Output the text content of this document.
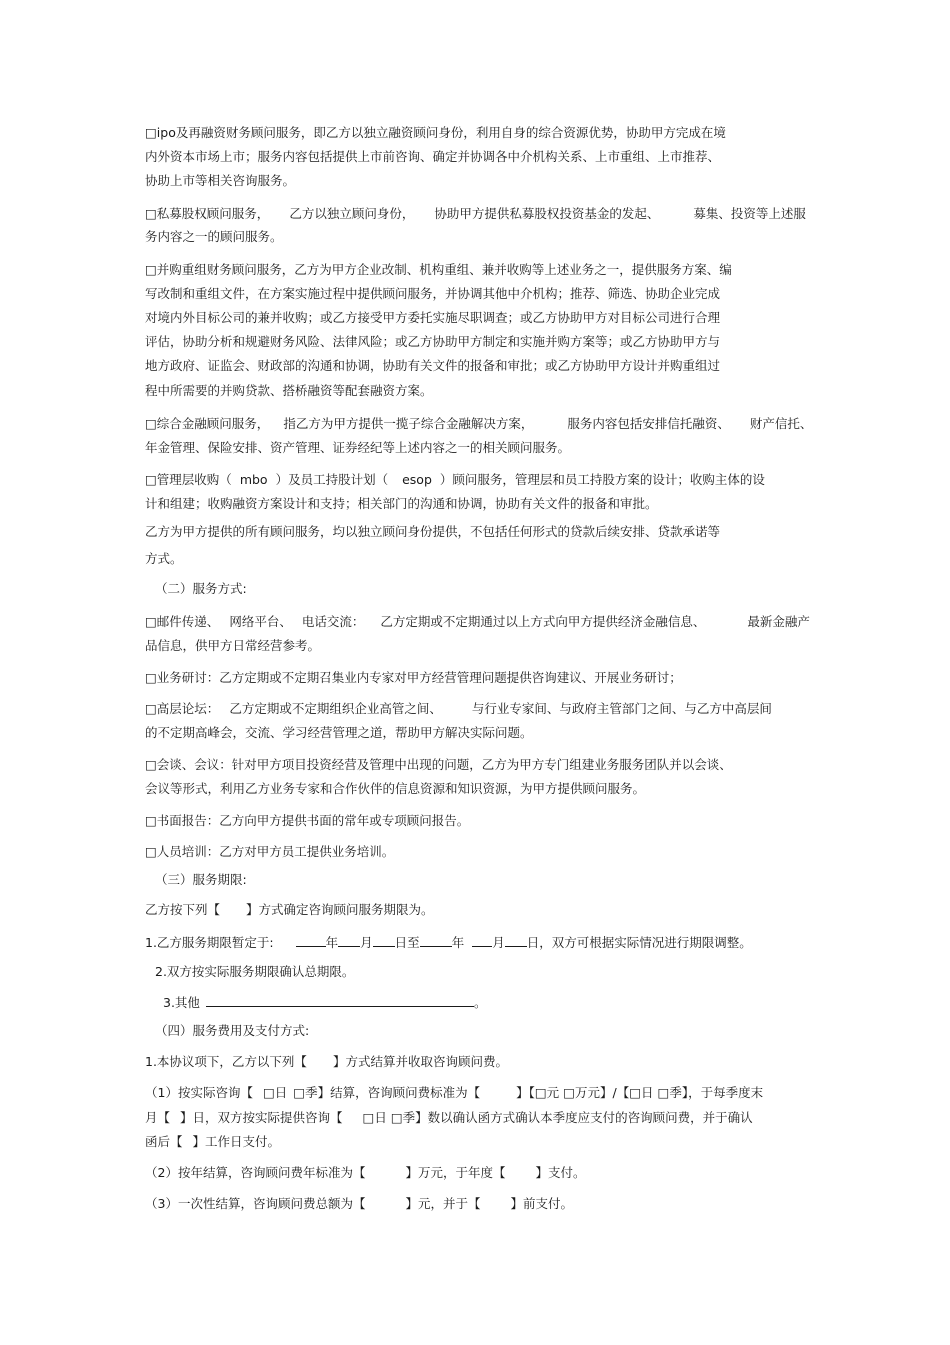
□ipo及再融资财务顾问服务，即乙方以独立融资顾问身份，利用自身的综合资源优势，协助甲方完成在境
内外资本市场上市；服务内容包括提供上市前咨询、确定并协调各中介机构关系、上市重组、上市推荐、
协助上市等相关咨询服务。
□私募股权顾问服务， 乙方以独立顾问身份， 协助甲方提供私募股权投资基金的发起、	募集、投资等上述服
务内容之一的顾问服务。
□并购重组财务顾问服务，乙方为甲方企业改制、机构重组、兼并收购等上述业务之一，提供服务方案、编
写改制和重组文件，在方案实施过程中提供顾问服务，并协调其他中介机构；推荐、筛选、协助企业完成
对境内外目标公司的兼并收购；或乙方接受甲方委托实施尽职调查；或乙方协助甲方对目标公司进行合理
评估，协助分析和规避财务风险、法律风险；或乙方协助甲方制定和实施并购方案等；或乙方协助甲方与
地方政府、证监会、财政部的沟通和协调，协助有关文件的报备和审批；或乙方协助甲方设计并购重组过
程中所需要的并购贷款、搭桥融资等配套融资方案。
□综合金融顾问服务， 指乙方为甲方提供一揽子综合金融解决方案，	服务内容包括安排信托融资、 财产信托、
年金管理、保险安排、资产管理、证券经纪等上述内容之一的相关顾问服务。
□管理层收购（ mbo ）及员工持股计划（ esop ）顾问服务，管理层和员工持股方案的设计；收购主体的设
计和组建；收购融资方案设计和支持；相关部门的沟通和协调，协助有关文件的报备和审批。
乙方为甲方提供的所有顾问服务，均以独立顾问身份提供，不包括任何形式的贷款后续安排、贷款承诺等
方式。
（二）服务方式:
□邮件传递、 网络平台、 电话交流： 乙方定期或不定期通过以上方式向甲方提供经济金融信息、	最新金融产
品信息，供甲方日常经营参考。
□业务研讨：乙方定期或不定期召集业内专家对甲方经营管理问题提供咨询建议、开展业务研讨；
□高层论坛： 乙方定期或不定期组织企业高管之间、 与行业专家间、与政府主管部门之间、与乙方中高层间
的不定期高峰会，交流、学习经营管理之道，帮助甲方解决实际问题。
□会谈、会议：针对甲方项目投资经营及管理中出现的问题，乙方为甲方专门组建业务服务团队并以会谈、
会议等形式，利用乙方业务专家和合作伙伴的信息资源和知识资源，为甲方提供顾问服务。
□书面报告：乙方向甲方提供书面的常年或专项顾问报告。
□人员培训：乙方对甲方员工提供业务培训。
（三）服务期限:
乙方按下列【 】方式确定咨询顾问服务期限为。
1.乙方服务期限暂定于:	年 月 日至	年 月 日，双方可根据实际情况进行期限调整。
2.双方按实际服务期限确认总期限。
3.其他	。
（四）服务费用及支付方式:
1.本协议项下，乙方以下列【 】方式结算并收取咨询顾问费。
（1）按实际咨询【 □日 □季】结算，咨询顾问费标准为【	】【□元 □万元】/【□日 □季】，于每季度末
月【 】日，双方按实际提供咨询【 □日 □季】数以确认函方式确认本季度应支付的咨询顾问费，并于确认
函后【 】工作日支付。
（2）按年结算，咨询顾问费年标准为【	】万元，于年度【 】支付。
（3）一次性结算，咨询顾问费总额为【	】元，并于【 】前支付。
